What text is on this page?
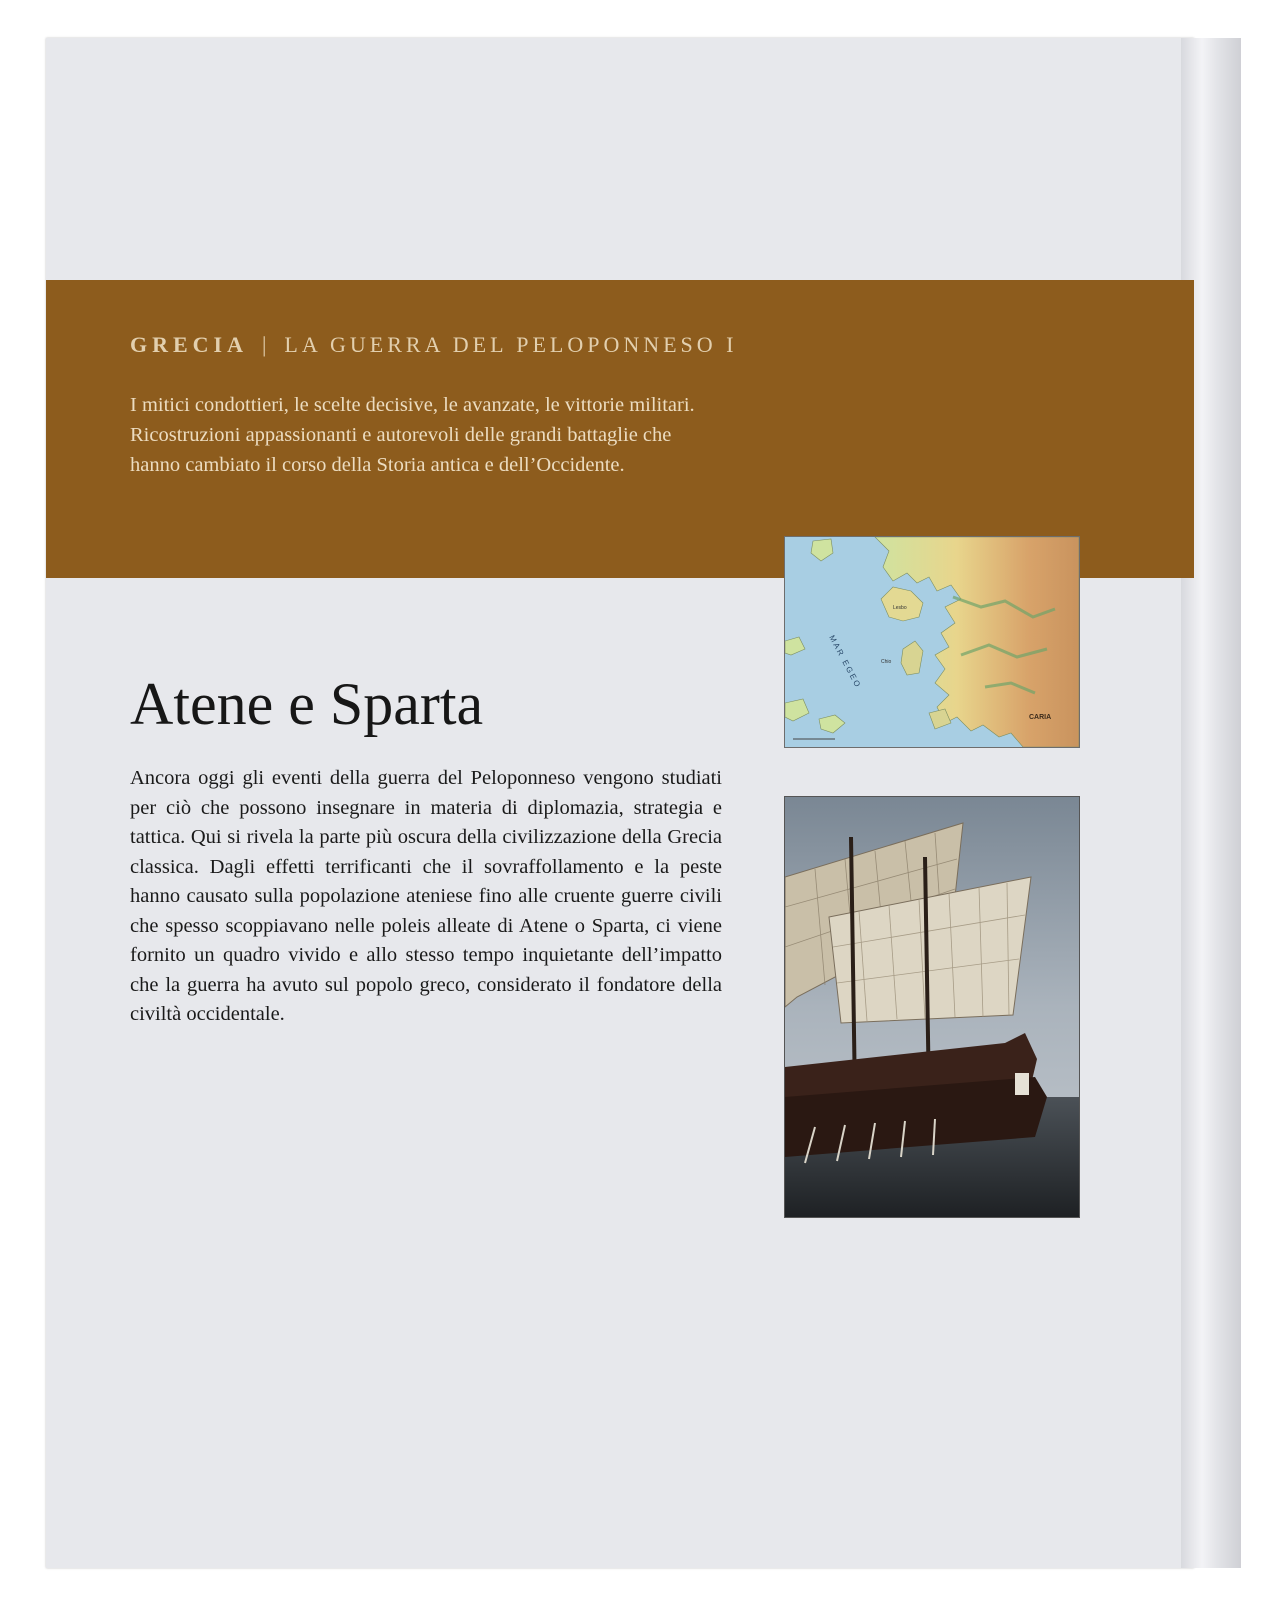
GRECIA | LA GUERRA DEL PELOPONNESO I
I mitici condottieri, le scelte decisive, le avanzate, le vittorie militari.
Ricostruzioni appassionanti e autorevoli delle grandi battaglie che
hanno cambiato il corso della Storia antica e dell’Occidente.
Atene e Sparta

Ancora oggi gli eventi della guerra del Peloponneso vengono studiati per ciò che possono insegnare in materia di diplomazia, strategia e tattica. Qui si rivela la parte più oscura della civilizzazione della Grecia classica. Dagli effetti terrificanti che il sovraffollamento e la peste hanno causato sulla popolazione ateniese fino alle cruente guerre civili che spesso scoppiavano nelle poleis alleate di Atene o Sparta, ci viene fornito un quadro vivido e allo stesso tempo inquietante dell’impatto che la guerra ha avuto sul popolo greco, considerato il fondatore della civiltà occidentale.

MAR EGEO
CARIA
Lesbo
Chio
